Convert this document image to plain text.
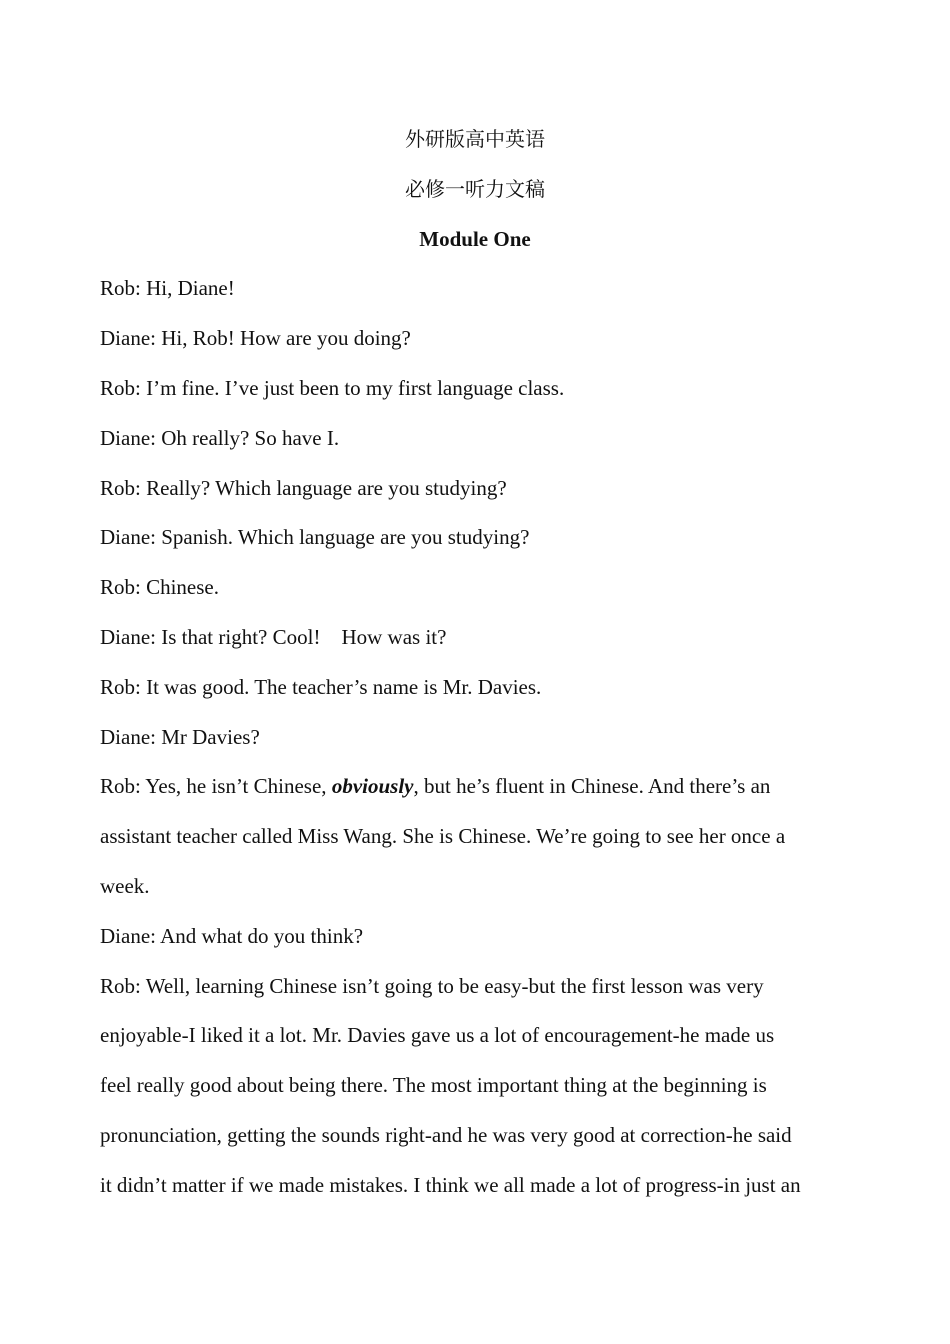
外研版高中英语

必修一听力文稿

Module One

Rob: Hi, Diane!

Diane: Hi, Rob! How are you doing?

Rob: I’m fine. I’ve just been to my first language class.

Diane: Oh really? So have I.

Rob: Really? Which language are you studying?

Diane: Spanish. Which language are you studying?

Rob: Chinese.

Diane: Is that right? Cool!    How was it?

Rob: It was good. The teacher’s name is Mr. Davies.

Diane: Mr Davies?

Rob: Yes, he isn’t Chinese, obviously, but he’s fluent in Chinese. And there’s an

assistant teacher called Miss Wang. She is Chinese. We’re going to see her once a

week.

Diane: And what do you think?

Rob: Well, learning Chinese isn’t going to be easy-but the first lesson was very

enjoyable-I liked it a lot. Mr. Davies gave us a lot of encouragement-he made us

feel really good about being there. The most important thing at the beginning is

pronunciation, getting the sounds right-and he was very good at correction-he said

it didn’t matter if we made mistakes. I think we all made a lot of progress-in just an
